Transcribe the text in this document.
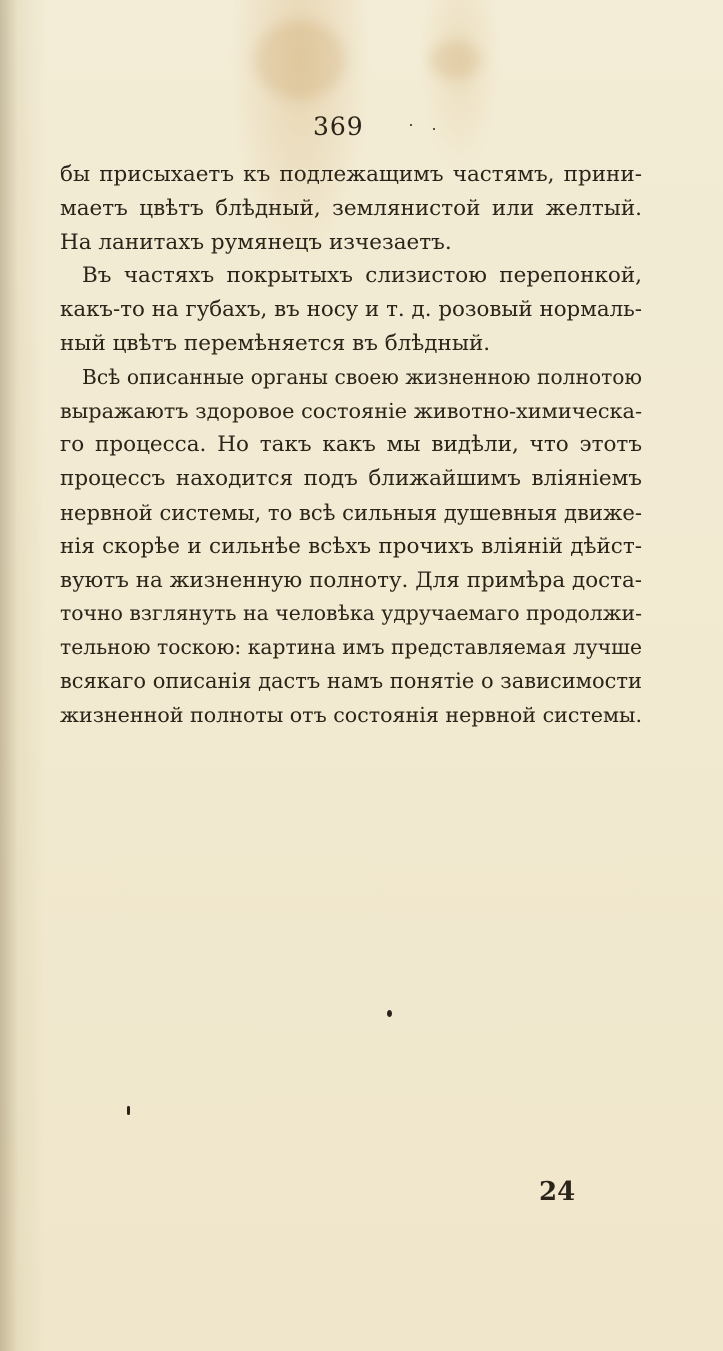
369
бы присыхаетъ къ подлежащимъ частямъ, прини-
маетъ цвѣтъ блѣдный, землянистой или желтый.
На ланитахъ румянецъ изчезаетъ.
Въ частяхъ покрытыхъ слизистою перепонкой,
какъ-то на губахъ, въ носу и т. д. розовый нормаль-
ный цвѣтъ перемѣняется въ блѣдный.
Всѣ описанные органы своею жизненною полнотою
выражаютъ здоровое состоянie животно-химическа-
го процесса. Но такъ какъ мы видѣли, что этотъ
процессъ находится подъ ближайшимъ влiянiемъ
нервной системы, то всѣ сильныя душевныя движе-
нiя скорѣе и сильнѣе всѣхъ прочихъ влiянiй дѣйст-
вуютъ на жизненную полноту. Для примѣра доста-
точно взглянуть на человѣка удручаемаго продолжи-
тельною тоскою: картина имъ представляемая лучше
всякаго описанiя дастъ намъ понятie о зависимости
жизненной полноты отъ состоянiя нервной системы.
24
